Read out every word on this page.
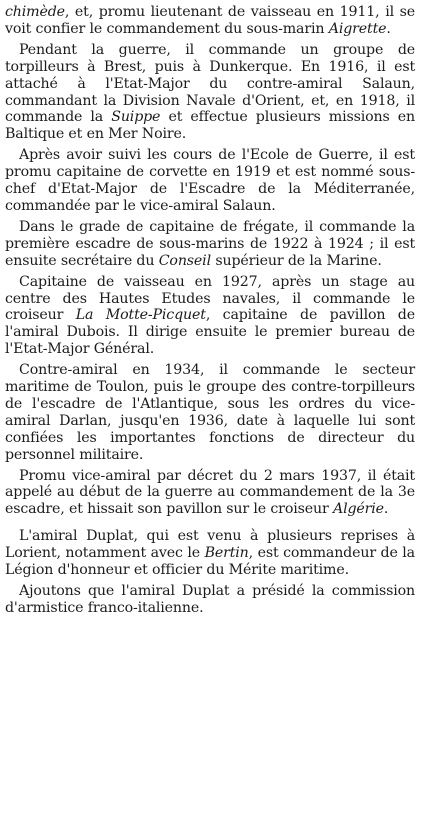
chimède, et, promu lieutenant de vaisseau en 1911, il se voit confier le commandement du sous-marin Aigrette.

Pendant la guerre, il commande un groupe de torpilleurs à Brest, puis à Dunkerque. En 1916, il est attaché à l'Etat-Major du contre-amiral Salaun, commandant la Division Navale d'Orient, et, en 1918, il commande la Suippe et effectue plusieurs missions en Baltique et en Mer Noire.

Après avoir suivi les cours de l'Ecole de Guerre, il est promu capitaine de corvette en 1919 et est nommé sous-chef d'Etat-Major de l'Escadre de la Méditerranée, commandée par le vice-amiral Salaun.

Dans le grade de capitaine de frégate, il commande la première escadre de sous-marins de 1922 à 1924 ; il est ensuite secrétaire du Conseil supérieur de la Marine.

Capitaine de vaisseau en 1927, après un stage au centre des Hautes Etudes navales, il commande le croiseur La Motte-Picquet, capitaine de pavillon de l'amiral Dubois. Il dirige ensuite le premier bureau de l'Etat-Major Général.

Contre-amiral en 1934, il commande le secteur maritime de Toulon, puis le groupe des contre-torpilleurs de l'escadre de l'Atlantique, sous les ordres du vice-amiral Darlan, jusqu'en 1936, date à laquelle lui sont confiées les importantes fonctions de directeur du personnel militaire.

Promu vice-amiral par décret du 2 mars 1937, il était appelé au début de la guerre au commandement de la 3e escadre, et hissait son pavillon sur le croiseur Algérie.

L'amiral Duplat, qui est venu à plusieurs reprises à Lorient, notamment avec le Bertin, est commandeur de la Légion d'honneur et officier du Mérite maritime.

Ajoutons que l'amiral Duplat a présidé la commission d'armistice franco-italienne.
